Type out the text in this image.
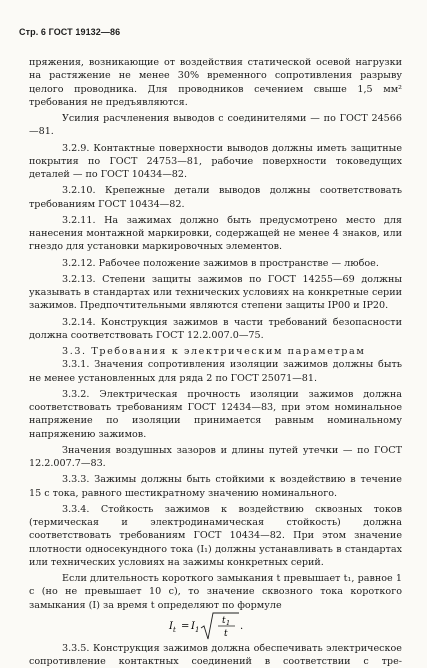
Стр. 6 ГОСТ 19132—86

пряжения, возникающие от воздействия статической осевой нагрузки на растяжение не менее 30% временного сопротивления разрыву целого проводника. Для проводников сечением свыше 1,5 мм² требования не предъявляются.

Усилия расчленения выводов с соединителями — по ГОСТ 24566—81.

3.2.9. Контактные поверхности выводов должны иметь защитные покрытия по ГОСТ 24753—81, рабочие поверхности токоведущих деталей — по ГОСТ 10434—82.

3.2.10. Крепежные детали выводов должны соответствовать требованиям ГОСТ 10434—82.

3.2.11. На зажимах должно быть предусмотрено место для нанесения монтажной маркировки, содержащей не менее 4 знаков, или гнездо для установки маркировочных элементов.

3.2.12. Рабочее положение зажимов в пространстве — любое.

3.2.13. Степени защиты зажимов по ГОСТ 14255—69 должны указывать в стандартах или технических условиях на конкретные серии зажимов. Предпочтительными являются степени защиты IP00 и IP20.

3.2.14. Конструкция зажимов в части требований безопасности должна соответствовать ГОСТ 12.2.007.0—75.

3.3. Требования к электрическим параметрам

3.3.1. Значения сопротивления изоляции зажимов должны быть не менее установленных для ряда 2 по ГОСТ 25071—81.

3.3.2. Электрическая прочность изоляции зажимов должна соответствовать требованиям ГОСТ 12434—83, при этом номинальное напряжение по изоляции принимается равным номинальному напряжению зажимов.

Значения воздушных зазоров и длины путей утечки — по ГОСТ 12.2.007.7—83.

3.3.3. Зажимы должны быть стойкими к воздействию в течение 15 с тока, равного шестикратному значению номинального.

3.3.4. Стойкость зажимов к воздействию сквозных токов (термическая и электродинамическая стойкость) должна соответствовать требованиям ГОСТ 10434—82. При этом значение плотности односекундного тока (I₁) должны устанавливать в стандартах или технических условиях на зажимы конкретных серий.

Если длительность короткого замыкания t превышает t₁, равное 1 с (но не превышает 10 с), то значение сквозного тока короткого замыкания (I) за время t определяют по формуле

I t = I 1
t 1
t
.

3.3.5. Конструкция зажимов должна обеспечивать электрическое сопротивление контактных соединений в соответствии с тре-
